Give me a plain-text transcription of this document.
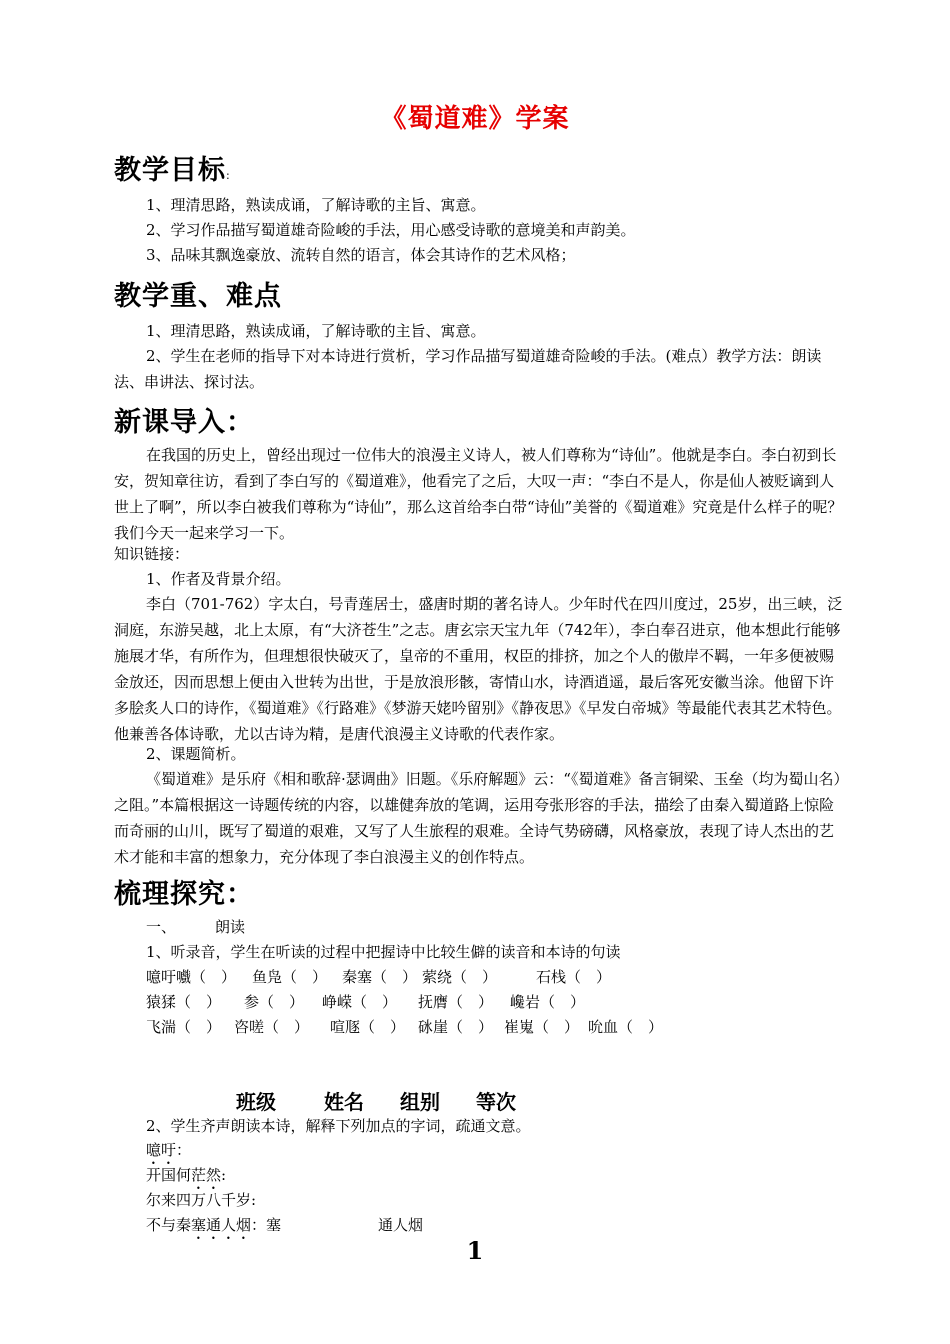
《蜀道难》学案
教学目标:
1、理清思路，熟读成诵，了解诗歌的主旨、寓意。
2、学习作品描写蜀道雄奇险峻的手法，用心感受诗歌的意境美和声韵美。
3、品味其飘逸豪放、流转自然的语言，体会其诗作的艺术风格；
教学重、难点
1、理清思路，熟读成诵，了解诗歌的主旨、寓意。
2、学生在老师的指导下对本诗进行赏析，学习作品描写蜀道雄奇险峻的手法。(难点）教学方法：朗读法、串讲法、探讨法。
新课导入：
在我国的历史上，曾经出现过一位伟大的浪漫主义诗人，被人们尊称为“诗仙”。他就是李白。李白初到长安，贺知章往访，看到了李白写的《蜀道难》，他看完了之后，大叹一声：“李白不是人，你是仙人被贬谪到人世上了啊”，所以李白被我们尊称为“诗仙”，那么这首给李白带“诗仙”美誉的《蜀道难》究竟是什么样子的呢？我们今天一起来学习一下。
知识链接：
1、作者及背景介绍。
李白（701-762）字太白，号青莲居士，盛唐时期的著名诗人。少年时代在四川度过，25岁，出三峡，泛洞庭，东游吴越，北上太原，有“大济苍生”之志。唐玄宗天宝九年（742年），李白奉召进京，他本想此行能够施展才华，有所作为，但理想很快破灭了，皇帝的不重用，权臣的排挤，加之个人的傲岸不羁，一年多便被赐金放还，因而思想上便由入世转为出世，于是放浪形骸，寄情山水，诗酒逍遥，最后客死安徽当涂。他留下许多脍炙人口的诗作，《蜀道难》《行路难》《梦游天姥吟留别》《静夜思》《早发白帝城》等最能代表其艺术特色。他兼善各体诗歌，尤以古诗为精，是唐代浪漫主义诗歌的代表作家。
2、课题简析。
《蜀道难》是乐府《相和歌辞·瑟调曲》旧题。《乐府解题》云：“《蜀道难》备言铜梁、玉垒（均为蜀山名）之阻。”本篇根据这一诗题传统的内容，以雄健奔放的笔调，运用夸张形容的手法，描绘了由秦入蜀道路上惊险而奇丽的山川，既写了蜀道的艰难，又写了人生旅程的艰难。全诗气势磅礴，风格豪放，表现了诗人杰出的艺术才能和丰富的想象力，充分体现了李白浪漫主义的创作特点。
梳理探究：
一、	朗读
1、听录音，学生在听读的过程中把握诗中比较生僻的读音和本诗的句读
噫吁嚱（　） 鱼凫（　） 秦塞（　） 萦绕（　）	石栈（　）
猿猱（　） 参（　） 峥嵘（　） 抚膺（　） 巉岩（　）
飞湍（　） 咨嗟（　） 喧豗（　） 砯崖（　） 崔嵬（　） 吮血（　）
班级 姓名 组别 等次
2、学生齐声朗读本诗，解释下列加点的字词，疏通文意。
噫吁：
开国何茫然:
尔来四万八千岁:
不与秦塞通人烟：塞	通人烟
1
